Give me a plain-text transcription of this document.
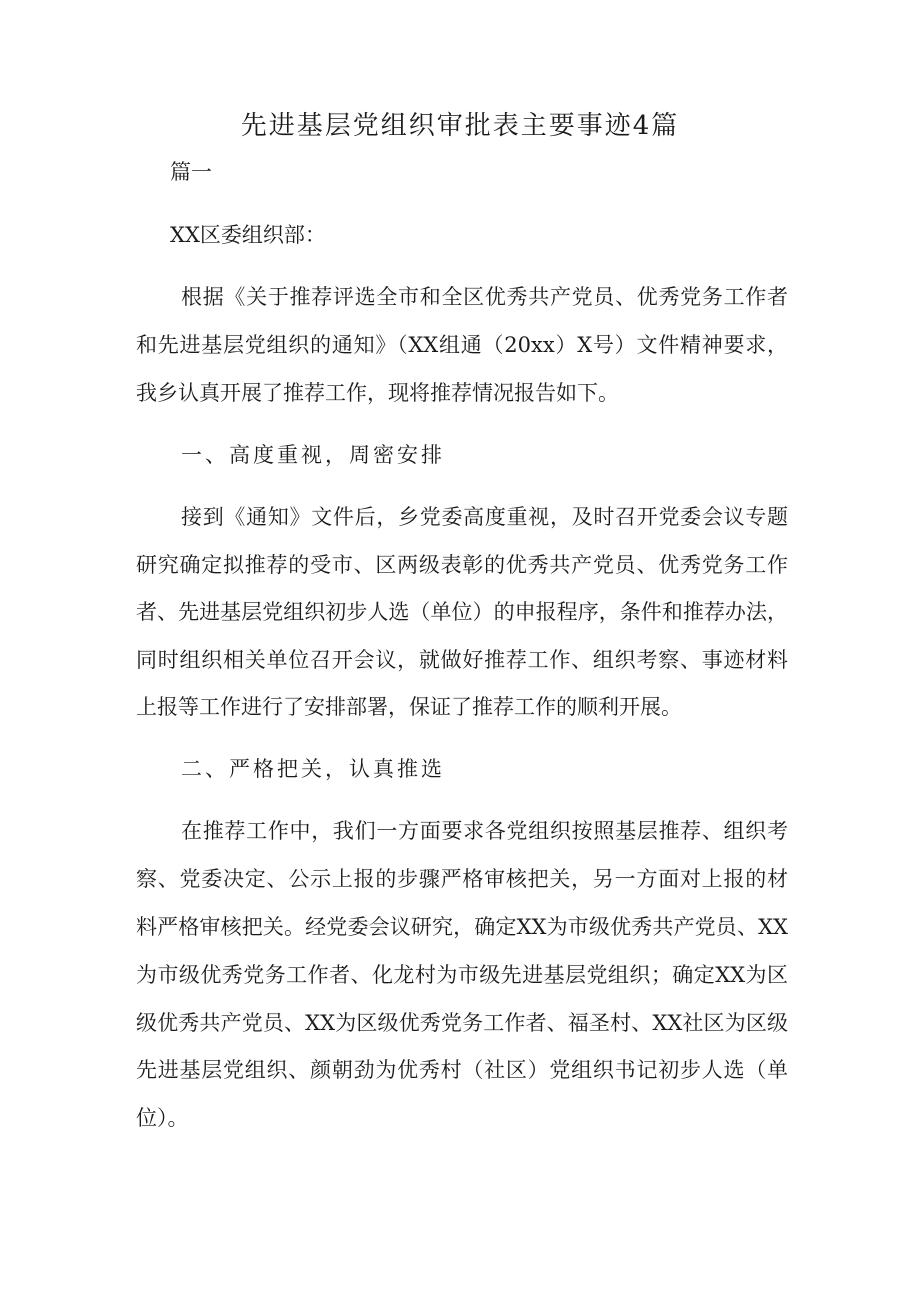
先进基层党组织审批表主要事迹4篇

篇一

XX区委组织部：

根据《关于推荐评选全市和全区优秀共产党员、优秀党务工作者

和先进基层党组织的通知》（XX组通（20xx）X号）文件精神要求，

我乡认真开展了推荐工作，现将推荐情况报告如下。

一、高度重视，周密安排

接到《通知》文件后，乡党委高度重视，及时召开党委会议专题

研究确定拟推荐的受市、区两级表彰的优秀共产党员、优秀党务工作

者、先进基层党组织初步人选（单位）的申报程序，条件和推荐办法，

同时组织相关单位召开会议，就做好推荐工作、组织考察、事迹材料

上报等工作进行了安排部署，保证了推荐工作的顺利开展。

二、严格把关，认真推选

在推荐工作中，我们一方面要求各党组织按照基层推荐、组织考

察、党委决定、公示上报的步骤严格审核把关，另一方面对上报的材

料严格审核把关。经党委会议研究，确定XX为市级优秀共产党员、XX

为市级优秀党务工作者、化龙村为市级先进基层党组织；确定XX为区

级优秀共产党员、XX为区级优秀党务工作者、福圣村、XX社区为区级

先进基层党组织、颜朝劲为优秀村（社区）党组织书记初步人选（单

位）。
